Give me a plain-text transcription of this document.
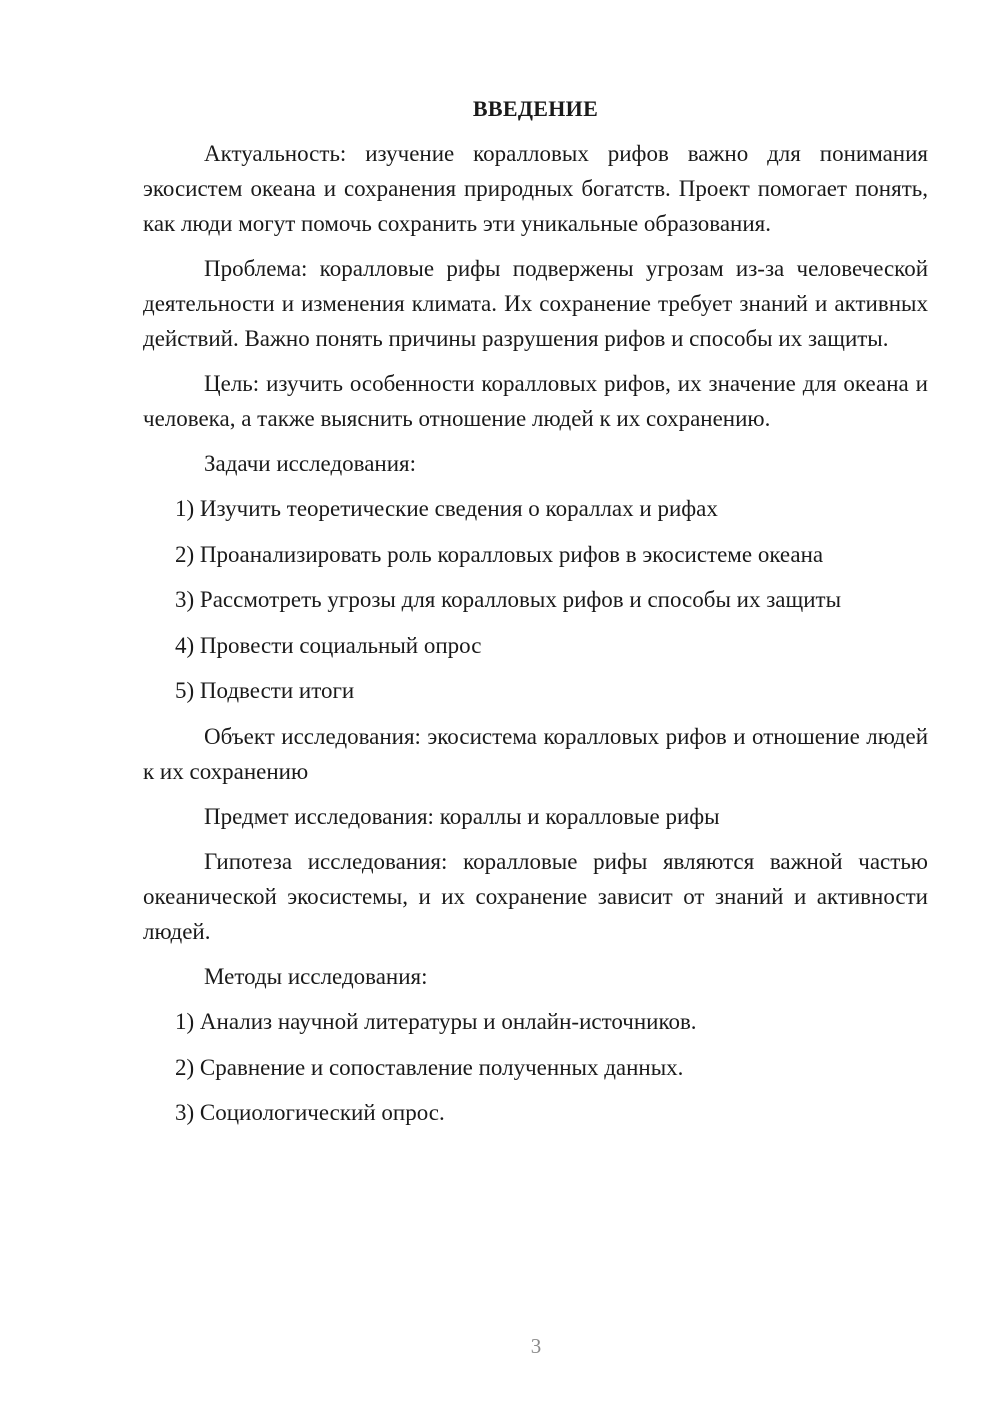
ВВЕДЕНИЕ

Актуальность: изучение коралловых рифов важно для понимания экосистем океана и сохранения природных богатств. Проект помогает понять, как люди могут помочь сохранить эти уникальные образования.

Проблема: коралловые рифы подвержены угрозам из-за человеческой деятельности и изменения климата. Их сохранение требует знаний и активных действий. Важно понять причины разрушения рифов и способы их защиты.

Цель: изучить особенности коралловых рифов, их значение для океана и человека, а также выяснить отношение людей к их сохранению.

Задачи исследования:

1) Изучить теоретические сведения о кораллах и рифах
2) Проанализировать роль коралловых рифов в экосистеме океана
3) Рассмотреть угрозы для коралловых рифов и способы их защиты
4) Провести социальный опрос
5) Подвести итоги

Объект исследования: экосистема коралловых рифов и отношение людей к их сохранению

Предмет исследования: кораллы и коралловые рифы

Гипотеза исследования: коралловые рифы являются важной частью океанической экосистемы, и их сохранение зависит от знаний и активности людей.

Методы исследования:

1) Анализ научной литературы и онлайн-источников.
2) Сравнение и сопоставление полученных данных.
3) Социологический опрос.
3
